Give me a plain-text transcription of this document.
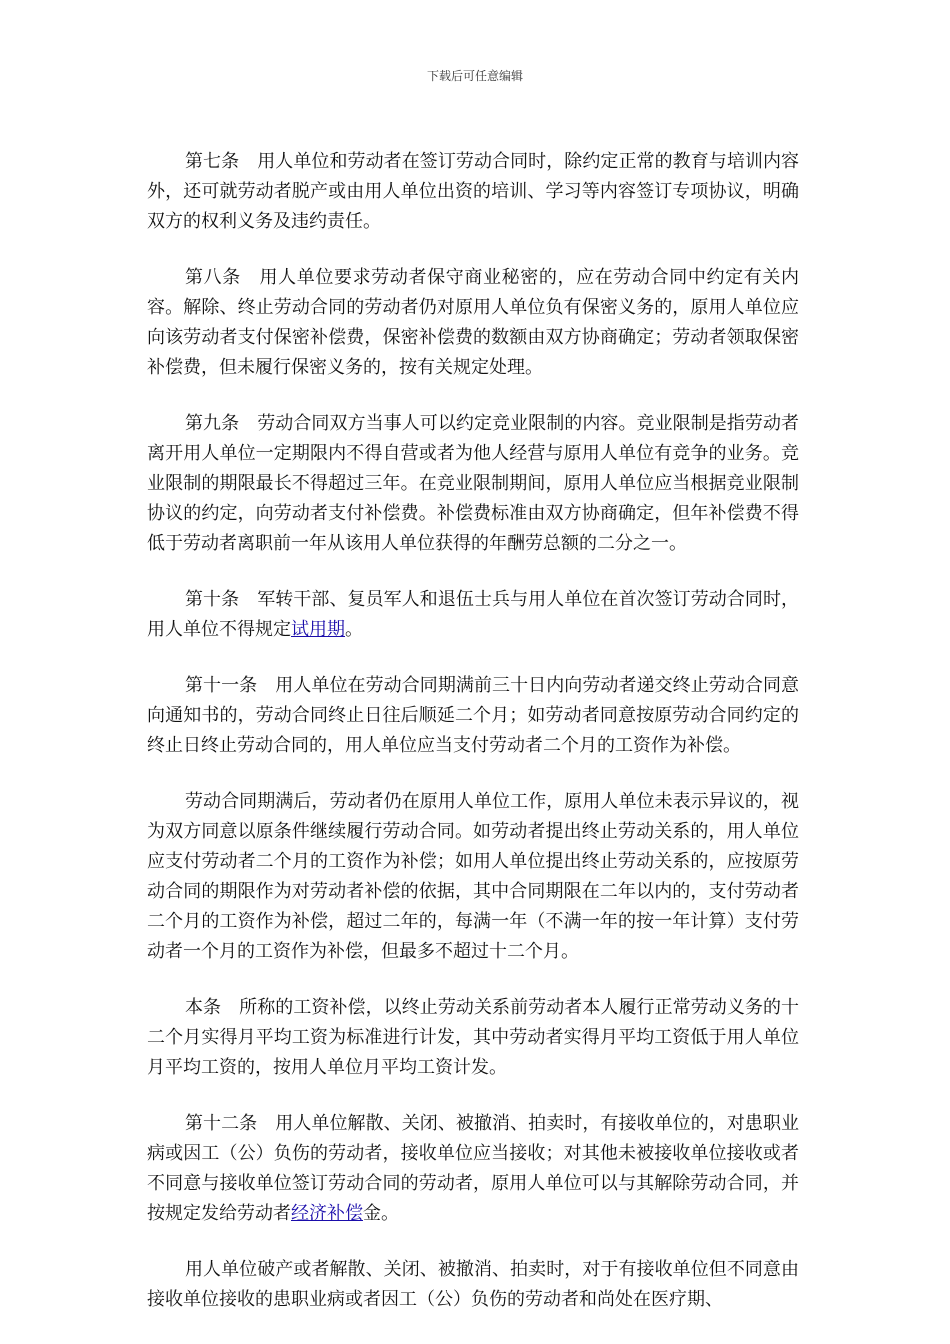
下载后可任意编辑

第七条 用人单位和劳动者在签订劳动合同时，除约定正常的教育与培训内容外，还可就劳动者脱产或由用人单位出资的培训、学习等内容签订专项协议，明确双方的权利义务及违约责任。

第八条 用人单位要求劳动者保守商业秘密的，应在劳动合同中约定有关内容。解除、终止劳动合同的劳动者仍对原用人单位负有保密义务的，原用人单位应向该劳动者支付保密补偿费，保密补偿费的数额由双方协商确定；劳动者领取保密补偿费，但未履行保密义务的，按有关规定处理。

第九条 劳动合同双方当事人可以约定竞业限制的内容。竞业限制是指劳动者离开用人单位一定期限内不得自营或者为他人经营与原用人单位有竞争的业务。竞业限制的期限最长不得超过三年。在竞业限制期间，原用人单位应当根据竞业限制协议的约定，向劳动者支付补偿费。补偿费标准由双方协商确定，但年补偿费不得低于劳动者离职前一年从该用人单位获得的年酬劳总额的二分之一。

第十条 军转干部、复员军人和退伍士兵与用人单位在首次签订劳动合同时，用人单位不得规定试用期。

第十一条 用人单位在劳动合同期满前三十日内向劳动者递交终止劳动合同意向通知书的，劳动合同终止日往后顺延二个月；如劳动者同意按原劳动合同约定的终止日终止劳动合同的，用人单位应当支付劳动者二个月的工资作为补偿。

劳动合同期满后，劳动者仍在原用人单位工作，原用人单位未表示异议的，视为双方同意以原条件继续履行劳动合同。如劳动者提出终止劳动关系的，用人单位应支付劳动者二个月的工资作为补偿；如用人单位提出终止劳动关系的，应按原劳动合同的期限作为对劳动者补偿的依据，其中合同期限在二年以内的，支付劳动者二个月的工资作为补偿，超过二年的，每满一年（不满一年的按一年计算）支付劳动者一个月的工资作为补偿，但最多不超过十二个月。

本条 所称的工资补偿，以终止劳动关系前劳动者本人履行正常劳动义务的十二个月实得月平均工资为标准进行计发，其中劳动者实得月平均工资低于用人单位月平均工资的，按用人单位月平均工资计发。

第十二条 用人单位解散、关闭、被撤消、拍卖时，有接收单位的，对患职业病或因工（公）负伤的劳动者，接收单位应当接收；对其他未被接收单位接收或者不同意与接收单位签订劳动合同的劳动者，原用人单位可以与其解除劳动合同，并按规定发给劳动者经济补偿金。

用人单位破产或者解散、关闭、被撤消、拍卖时，对于有接收单位但不同意由接收单位接收的患职业病或者因工（公）负伤的劳动者和尚处在医疗期、
